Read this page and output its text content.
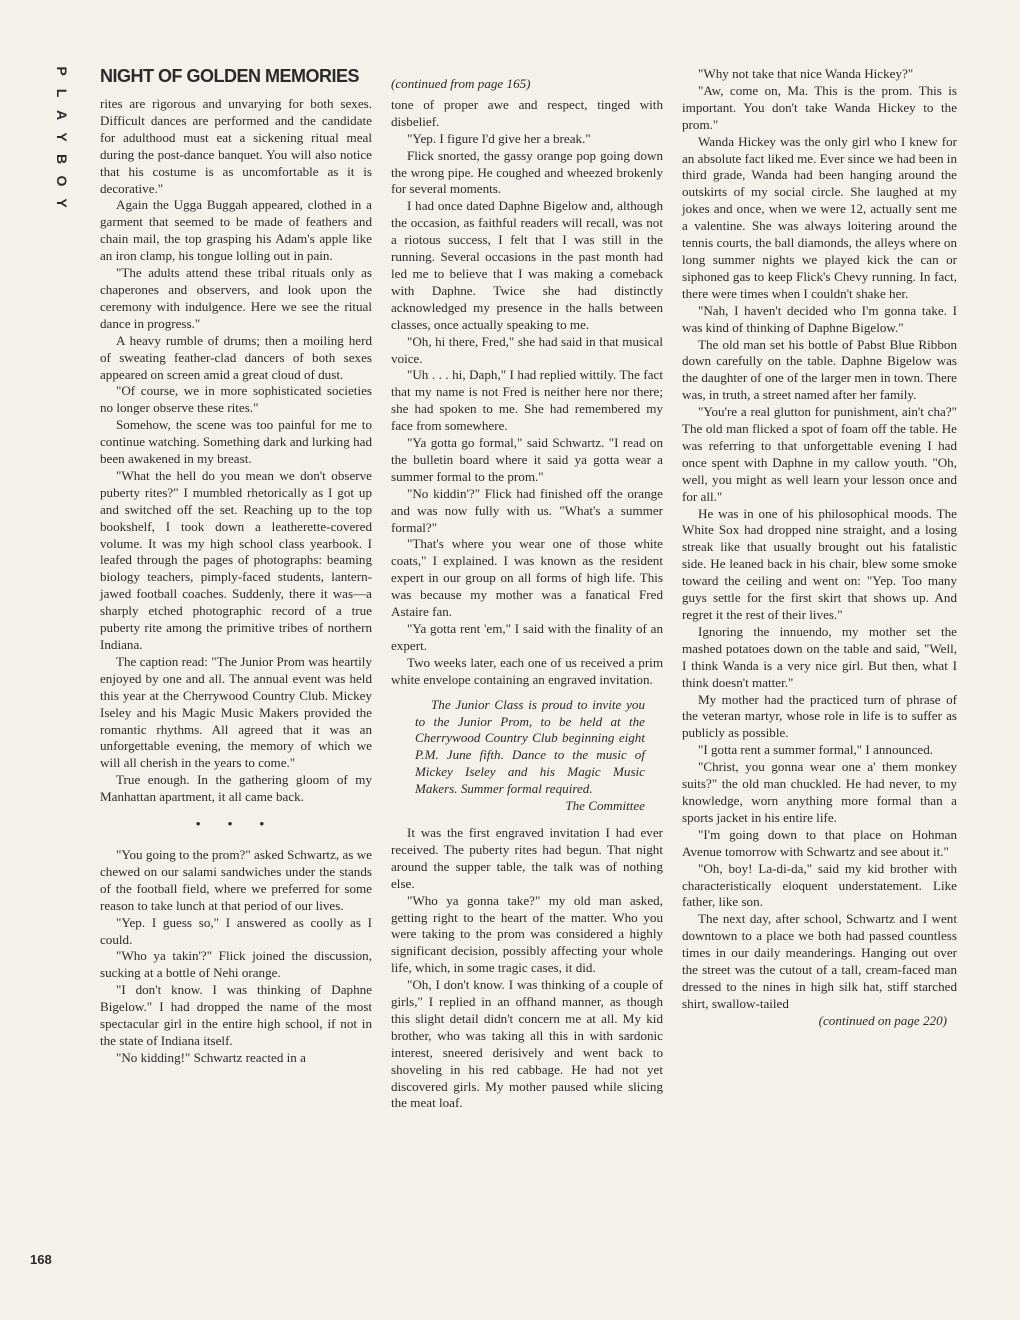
P
L
A
Y
B
O
Y
NIGHT OF GOLDEN MEMORIES
168

rites are rigorous and unvarying for both sexes. Difficult dances are performed and the candidate for adulthood must eat a sickening ritual meal during the post-dance banquet. You will also notice that his costume is as uncomfortable as it is decorative."

Again the Ugga Buggah appeared, clothed in a garment that seemed to be made of feathers and chain mail, the top grasping his Adam's apple like an iron clamp, his tongue lolling out in pain.

"The adults attend these tribal rituals only as chaperones and observers, and look upon the ceremony with indulgence. Here we see the ritual dance in progress."

A heavy rumble of drums; then a moiling herd of sweating feather-clad dancers of both sexes appeared on screen amid a great cloud of dust.

"Of course, we in more sophisticated societies no longer observe these rites."

Somehow, the scene was too painful for me to continue watching. Something dark and lurking had been awakened in my breast.

"What the hell do you mean we don't observe puberty rites?" I mumbled rhetorically as I got up and switched off the set. Reaching up to the top bookshelf, I took down a leatherette-covered volume. It was my high school class yearbook. I leafed through the pages of photographs: beaming biology teachers, pimply-faced students, lantern-jawed football coaches. Suddenly, there it was—a sharply etched photographic record of a true puberty rite among the primitive tribes of northern Indiana.

The caption read: "The Junior Prom was heartily enjoyed by one and all. The annual event was held this year at the Cherrywood Country Club. Mickey Iseley and his Magic Music Makers provided the romantic rhythms. All agreed that it was an unforgettable evening, the memory of which we will all cherish in the years to come."

True enough. In the gathering gloom of my Manhattan apartment, it all came back.

• • •

"You going to the prom?" asked Schwartz, as we chewed on our salami sandwiches under the stands of the football field, where we preferred for some reason to take lunch at that period of our lives.

"Yep. I guess so," I answered as coolly as I could.

"Who ya takin'?" Flick joined the discussion, sucking at a bottle of Nehi orange.

"I don't know. I was thinking of Daphne Bigelow." I had dropped the name of the most spectacular girl in the entire high school, if not in the state of Indiana itself.

"No kidding!" Schwartz reacted in a

(continued from page 165)

tone of proper awe and respect, tinged with disbelief.

"Yep. I figure I'd give her a break."

Flick snorted, the gassy orange pop going down the wrong pipe. He coughed and wheezed brokenly for several moments.

I had once dated Daphne Bigelow and, although the occasion, as faithful readers will recall, was not a riotous success, I felt that I was still in the running. Several occasions in the past month had led me to believe that I was making a comeback with Daphne. Twice she had distinctly acknowledged my presence in the halls between classes, once actually speaking to me.

"Oh, hi there, Fred," she had said in that musical voice.

"Uh . . . hi, Daph," I had replied wittily. The fact that my name is not Fred is neither here nor there; she had spoken to me. She had remembered my face from somewhere.

"Ya gotta go formal," said Schwartz. "I read on the bulletin board where it said ya gotta wear a summer formal to the prom."

"No kiddin'?" Flick had finished off the orange and was now fully with us. "What's a summer formal?"

"That's where you wear one of those white coats," I explained. I was known as the resident expert in our group on all forms of high life. This was because my mother was a fanatical Fred Astaire fan.

"Ya gotta rent 'em," I said with the finality of an expert.

Two weeks later, each one of us received a prim white envelope containing an engraved invitation.

The Junior Class is proud to invite you to the Junior Prom, to be held at the Cherrywood Country Club beginning eight P.M. June fifth. Dance to the music of Mickey Iseley and his Magic Music Makers. Summer formal required.

The Committee

It was the first engraved invitation I had ever received. The puberty rites had begun. That night around the supper table, the talk was of nothing else.

"Who ya gonna take?" my old man asked, getting right to the heart of the matter. Who you were taking to the prom was considered a highly significant decision, possibly affecting your whole life, which, in some tragic cases, it did.

"Oh, I don't know. I was thinking of a couple of girls," I replied in an offhand manner, as though this slight detail didn't concern me at all. My kid brother, who was taking all this in with sardonic interest, sneered derisively and went back to shoveling in his red cabbage. He had not yet discovered girls. My mother paused while slicing the meat loaf.

"Why not take that nice Wanda Hickey?"

"Aw, come on, Ma. This is the prom. This is important. You don't take Wanda Hickey to the prom."

Wanda Hickey was the only girl who I knew for an absolute fact liked me. Ever since we had been in third grade, Wanda had been hanging around the outskirts of my social circle. She laughed at my jokes and once, when we were 12, actually sent me a valentine. She was always loitering around the tennis courts, the ball diamonds, the alleys where on long summer nights we played kick the can or siphoned gas to keep Flick's Chevy running. In fact, there were times when I couldn't shake her.

"Nah, I haven't decided who I'm gonna take. I was kind of thinking of Daphne Bigelow."

The old man set his bottle of Pabst Blue Ribbon down carefully on the table. Daphne Bigelow was the daughter of one of the larger men in town. There was, in truth, a street named after her family.

"You're a real glutton for punishment, ain't cha?" The old man flicked a spot of foam off the table. He was referring to that unforgettable evening I had once spent with Daphne in my callow youth. "Oh, well, you might as well learn your lesson once and for all."

He was in one of his philosophical moods. The White Sox had dropped nine straight, and a losing streak like that usually brought out his fatalistic side. He leaned back in his chair, blew some smoke toward the ceiling and went on: "Yep. Too many guys settle for the first skirt that shows up. And regret it the rest of their lives."

Ignoring the innuendo, my mother set the mashed potatoes down on the table and said, "Well, I think Wanda is a very nice girl. But then, what I think doesn't matter."

My mother had the practiced turn of phrase of the veteran martyr, whose role in life is to suffer as publicly as possible.

"I gotta rent a summer formal," I announced.

"Christ, you gonna wear one a' them monkey suits?" the old man chuckled. He had never, to my knowledge, worn anything more formal than a sports jacket in his entire life.

"I'm going down to that place on Hohman Avenue tomorrow with Schwartz and see about it."

"Oh, boy! La-di-da," said my kid brother with characteristically eloquent understatement. Like father, like son.

The next day, after school, Schwartz and I went downtown to a place we both had passed countless times in our daily meanderings. Hanging out over the street was the cutout of a tall, cream-faced man dressed to the nines in high silk hat, stiff starched shirt, swallow-tailed

(continued on page 220)
